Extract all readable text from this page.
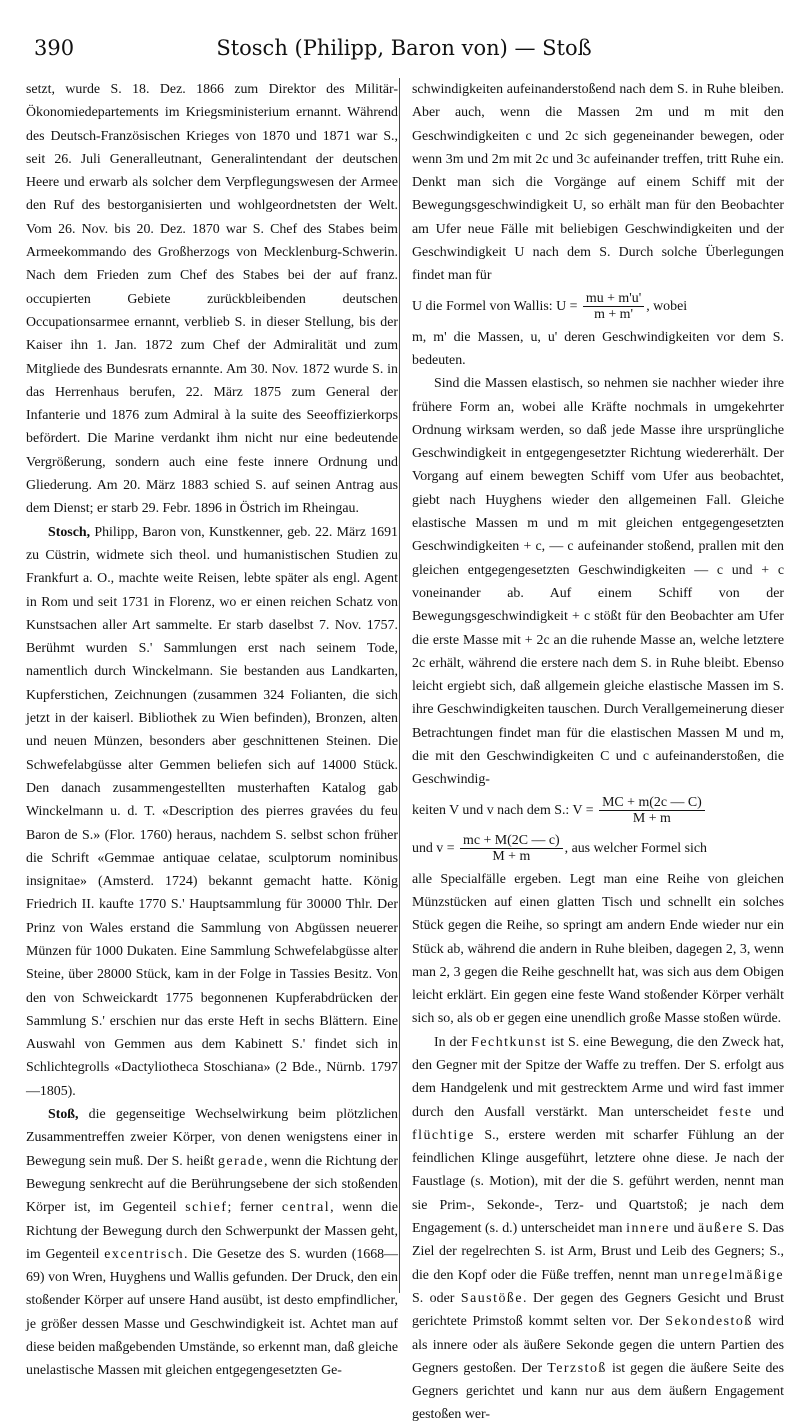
390	Stosch (Philipp, Baron von) — Stoß

setzt, wurde S. 18. Dez. 1866 zum Direktor des Militär-Ökonomiedepartements im Kriegsministerium ernannt. Während des Deutsch-Französischen Krieges von 1870 und 1871 war S., seit 26. Juli Generalleutnant, Generalintendant der deutschen Heere und erwarb als solcher dem Verpflegungswesen der Armee den Ruf des bestorganisierten und wohlgeordnetsten der Welt. Vom 26. Nov. bis 20. Dez. 1870 war S. Chef des Stabes beim Armeekommando des Großherzogs von Mecklenburg-Schwerin. Nach dem Frieden zum Chef des Stabes bei der auf franz. occupierten Gebiete zurückbleibenden deutschen Occupationsarmee ernannt, verblieb S. in dieser Stellung, bis der Kaiser ihn 1. Jan. 1872 zum Chef der Admiralität und zum Mitgliede des Bundesrats ernannte. Am 30. Nov. 1872 wurde S. in das Herrenhaus berufen, 22. März 1875 zum General der Infanterie und 1876 zum Admiral à la suite des Seeoffizierkorps befördert. Die Marine verdankt ihm nicht nur eine bedeutende Vergrößerung, sondern auch eine feste innere Ordnung und Gliederung. Am 20. März 1883 schied S. auf seinen Antrag aus dem Dienst; er starb 29. Febr. 1896 in Östrich im Rheingau.

Stosch, Philipp, Baron von, Kunstkenner, geb. 22. März 1691 zu Cüstrin, widmete sich theol. und humanistischen Studien zu Frankfurt a. O., machte weite Reisen, lebte später als engl. Agent in Rom und seit 1731 in Florenz, wo er einen reichen Schatz von Kunstsachen aller Art sammelte. Er starb daselbst 7. Nov. 1757. Berühmt wurden S.' Sammlungen erst nach seinem Tode, namentlich durch Winckelmann. Sie bestanden aus Landkarten, Kupferstichen, Zeichnungen (zusammen 324 Folianten, die sich jetzt in der kaiserl. Bibliothek zu Wien befinden), Bronzen, alten und neuen Münzen, besonders aber geschnittenen Steinen. Die Schwefelabgüsse alter Gemmen beliefen sich auf 14000 Stück. Den danach zusammengestellten musterhaften Katalog gab Winckelmann u. d. T. «Description des pierres gravées du feu Baron de S.» (Flor. 1760) heraus, nachdem S. selbst schon früher die Schrift «Gemmae antiquae celatae, sculptorum nominibus insignitae» (Amsterd. 1724) bekannt gemacht hatte. König Friedrich II. kaufte 1770 S.' Hauptsammlung für 30000 Thlr. Der Prinz von Wales erstand die Sammlung von Abgüssen neuerer Münzen für 1000 Dukaten. Eine Sammlung Schwefelabgüsse alter Steine, über 28000 Stück, kam in der Folge in Tassies Besitz. Von den von Schweickardt 1775 begonnenen Kupferabdrücken der Sammlung S.' erschien nur das erste Heft in sechs Blättern. Eine Auswahl von Gemmen aus dem Kabinett S.' findet sich in Schlichtegrolls «Dactyliotheca Stoschiana» (2 Bde., Nürnb. 1797—1805).

Stoß, die gegenseitige Wechselwirkung beim plötzlichen Zusammentreffen zweier Körper, von denen wenigstens einer in Bewegung sein muß. Der S. heißt gerade, wenn die Richtung der Bewegung senkrecht auf die Berührungsebene der sich stoßenden Körper ist, im Gegenteil schief; ferner central, wenn die Richtung der Bewegung durch den Schwerpunkt der Massen geht, im Gegenteil excentrisch. Die Gesetze des S. wurden (1668—69) von Wren, Huyghens und Wallis gefunden. Der Druck, den ein stoßender Körper auf unsere Hand ausübt, ist desto empfindlicher, je größer dessen Masse und Geschwindigkeit ist. Achtet man auf diese beiden maßgebenden Umstände, so erkennt man, daß gleiche unelastische Massen mit gleichen entgegengesetzten Ge-

schwindigkeiten aufeinanderstoßend nach dem S. in Ruhe bleiben. Aber auch, wenn die Massen 2m und m mit den Geschwindigkeiten c und 2c sich gegeneinander bewegen, oder wenn 3m und 2m mit 2c und 3c aufeinander treffen, tritt Ruhe ein. Denkt man sich die Vorgänge auf einem Schiff mit der Bewegungsgeschwindigkeit U, so erhält man für den Beobachter am Ufer neue Fälle mit beliebigen Geschwindigkeiten und der Geschwindigkeit U nach dem S. Durch solche Überlegungen findet man für

U die Formel von Wallis: $U = \frac{mu + m'u'}{m + m'}$ , wobei

m, m' die Massen, u, u' deren Geschwindigkeiten vor dem S. bedeuten.

Sind die Massen elastisch, so nehmen sie nachher wieder ihre frühere Form an, wobei alle Kräfte nochmals in umgekehrter Ordnung wirksam werden, so daß jede Masse ihre ursprüngliche Geschwindigkeit in entgegengesetzter Richtung wiedererhält. Der Vorgang auf einem bewegten Schiff vom Ufer aus beobachtet, giebt nach Huyghens wieder den allgemeinen Fall. Gleiche elastische Massen m und m mit gleichen entgegengesetzten Geschwindigkeiten + c, — c aufeinander stoßend, prallen mit den gleichen entgegengesetzten Geschwindigkeiten — c und + c voneinander ab. Auf einem Schiff von der Bewegungsgeschwindigkeit + c stößt für den Beobachter am Ufer die erste Masse mit + 2c an die ruhende Masse an, welche letztere 2c erhält, während die erstere nach dem S. in Ruhe bleibt. Ebenso leicht ergiebt sich, daß allgemein gleiche elastische Massen im S. ihre Geschwindigkeiten tauschen. Durch Verallgemeinerung dieser Betrachtungen findet man für die elastischen Massen M und m, die mit den Geschwindigkeiten C und c aufeinanderstoßen, die Geschwindig-

keiten V und v nach dem S.: $V = \frac{MC + m(2c — C)}{M + m}$

und $v = \frac{mc + M(2C — c)}{M + m}$ , aus welcher Formel sich

alle Specialfälle ergeben. Legt man eine Reihe von gleichen Münzstücken auf einen glatten Tisch und schnellt ein solches Stück gegen die Reihe, so springt am andern Ende wieder nur ein Stück ab, während die andern in Ruhe bleiben, dagegen 2, 3, wenn man 2, 3 gegen die Reihe geschnellt hat, was sich aus dem Obigen leicht erklärt. Ein gegen eine feste Wand stoßender Körper verhält sich so, als ob er gegen eine unendlich große Masse stoßen würde.

In der Fechtkunst ist S. eine Bewegung, die den Zweck hat, den Gegner mit der Spitze der Waffe zu treffen. Der S. erfolgt aus dem Handgelenk und mit gestrecktem Arme und wird fast immer durch den Ausfall verstärkt. Man unterscheidet feste und flüchtige S., erstere werden mit scharfer Fühlung an der feindlichen Klinge ausgeführt, letztere ohne diese. Je nach der Faustlage (s. Motion), mit der die S. geführt werden, nennt man sie Prim-, Sekonde-, Terz- und Quartstoß; je nach dem Engagement (s. d.) unterscheidet man innere und äußere S. Das Ziel der regelrechten S. ist Arm, Brust und Leib des Gegners; S., die den Kopf oder die Füße treffen, nennt man unregelmäßige S. oder Saustöße. Der gegen des Gegners Gesicht und Brust gerichtete Primstoß kommt selten vor. Der Sekondestoß wird als innere oder als äußere Sekonde gegen die untern Partien des Gegners gestoßen. Der Terzstoß ist gegen die äußere Seite des Gegners gerichtet und kann nur aus dem äußern Engagement gestoßen wer-
